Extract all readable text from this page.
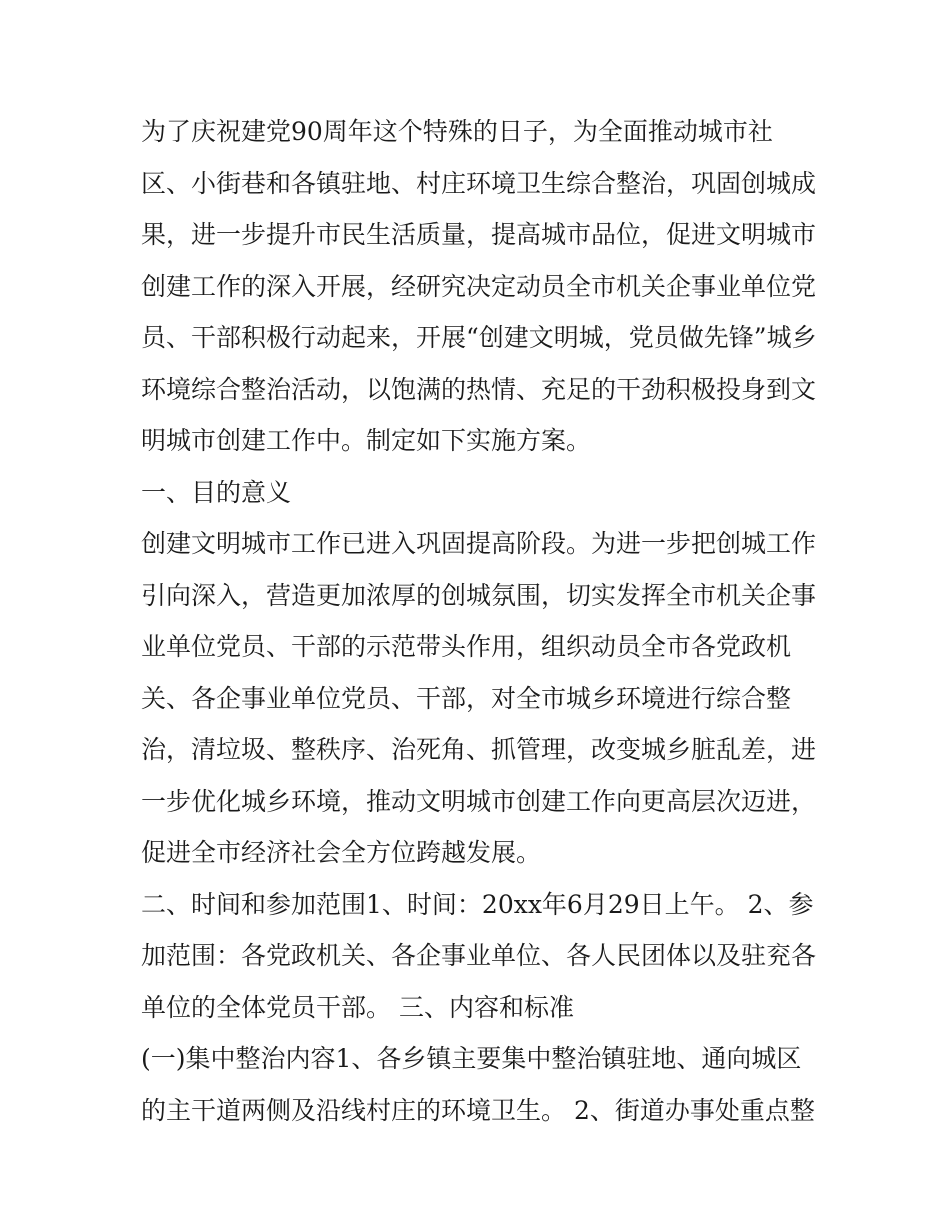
为了庆祝建党90周年这个特殊的日子，为全面推动城市社
区、小街巷和各镇驻地、村庄环境卫生综合整治，巩固创城成
果，进一步提升市民生活质量，提高城市品位，促进文明城市
创建工作的深入开展，经研究决定动员全市机关企事业单位党
员、干部积极行动起来，开展“创建文明城，党员做先锋”城乡
环境综合整治活动，以饱满的热情、充足的干劲积极投身到文
明城市创建工作中。制定如下实施方案。
一、目的意义
创建文明城市工作已进入巩固提高阶段。为进一步把创城工作
引向深入，营造更加浓厚的创城氛围，切实发挥全市机关企事
业单位党员、干部的示范带头作用，组织动员全市各党政机
关、各企事业单位党员、干部，对全市城乡环境进行综合整
治，清垃圾、整秩序、治死角、抓管理，改变城乡脏乱差，进
一步优化城乡环境，推动文明城市创建工作向更高层次迈进，
促进全市经济社会全方位跨越发展。
二、时间和参加范围1、时间：20xx年6月29日上午。 2、参
加范围：各党政机关、各企事业单位、各人民团体以及驻兖各
单位的全体党员干部。 三、内容和标准
(一)集中整治内容1、各乡镇主要集中整治镇驻地、通向城区
的主干道两侧及沿线村庄的环境卫生。 2、街道办事处重点整
